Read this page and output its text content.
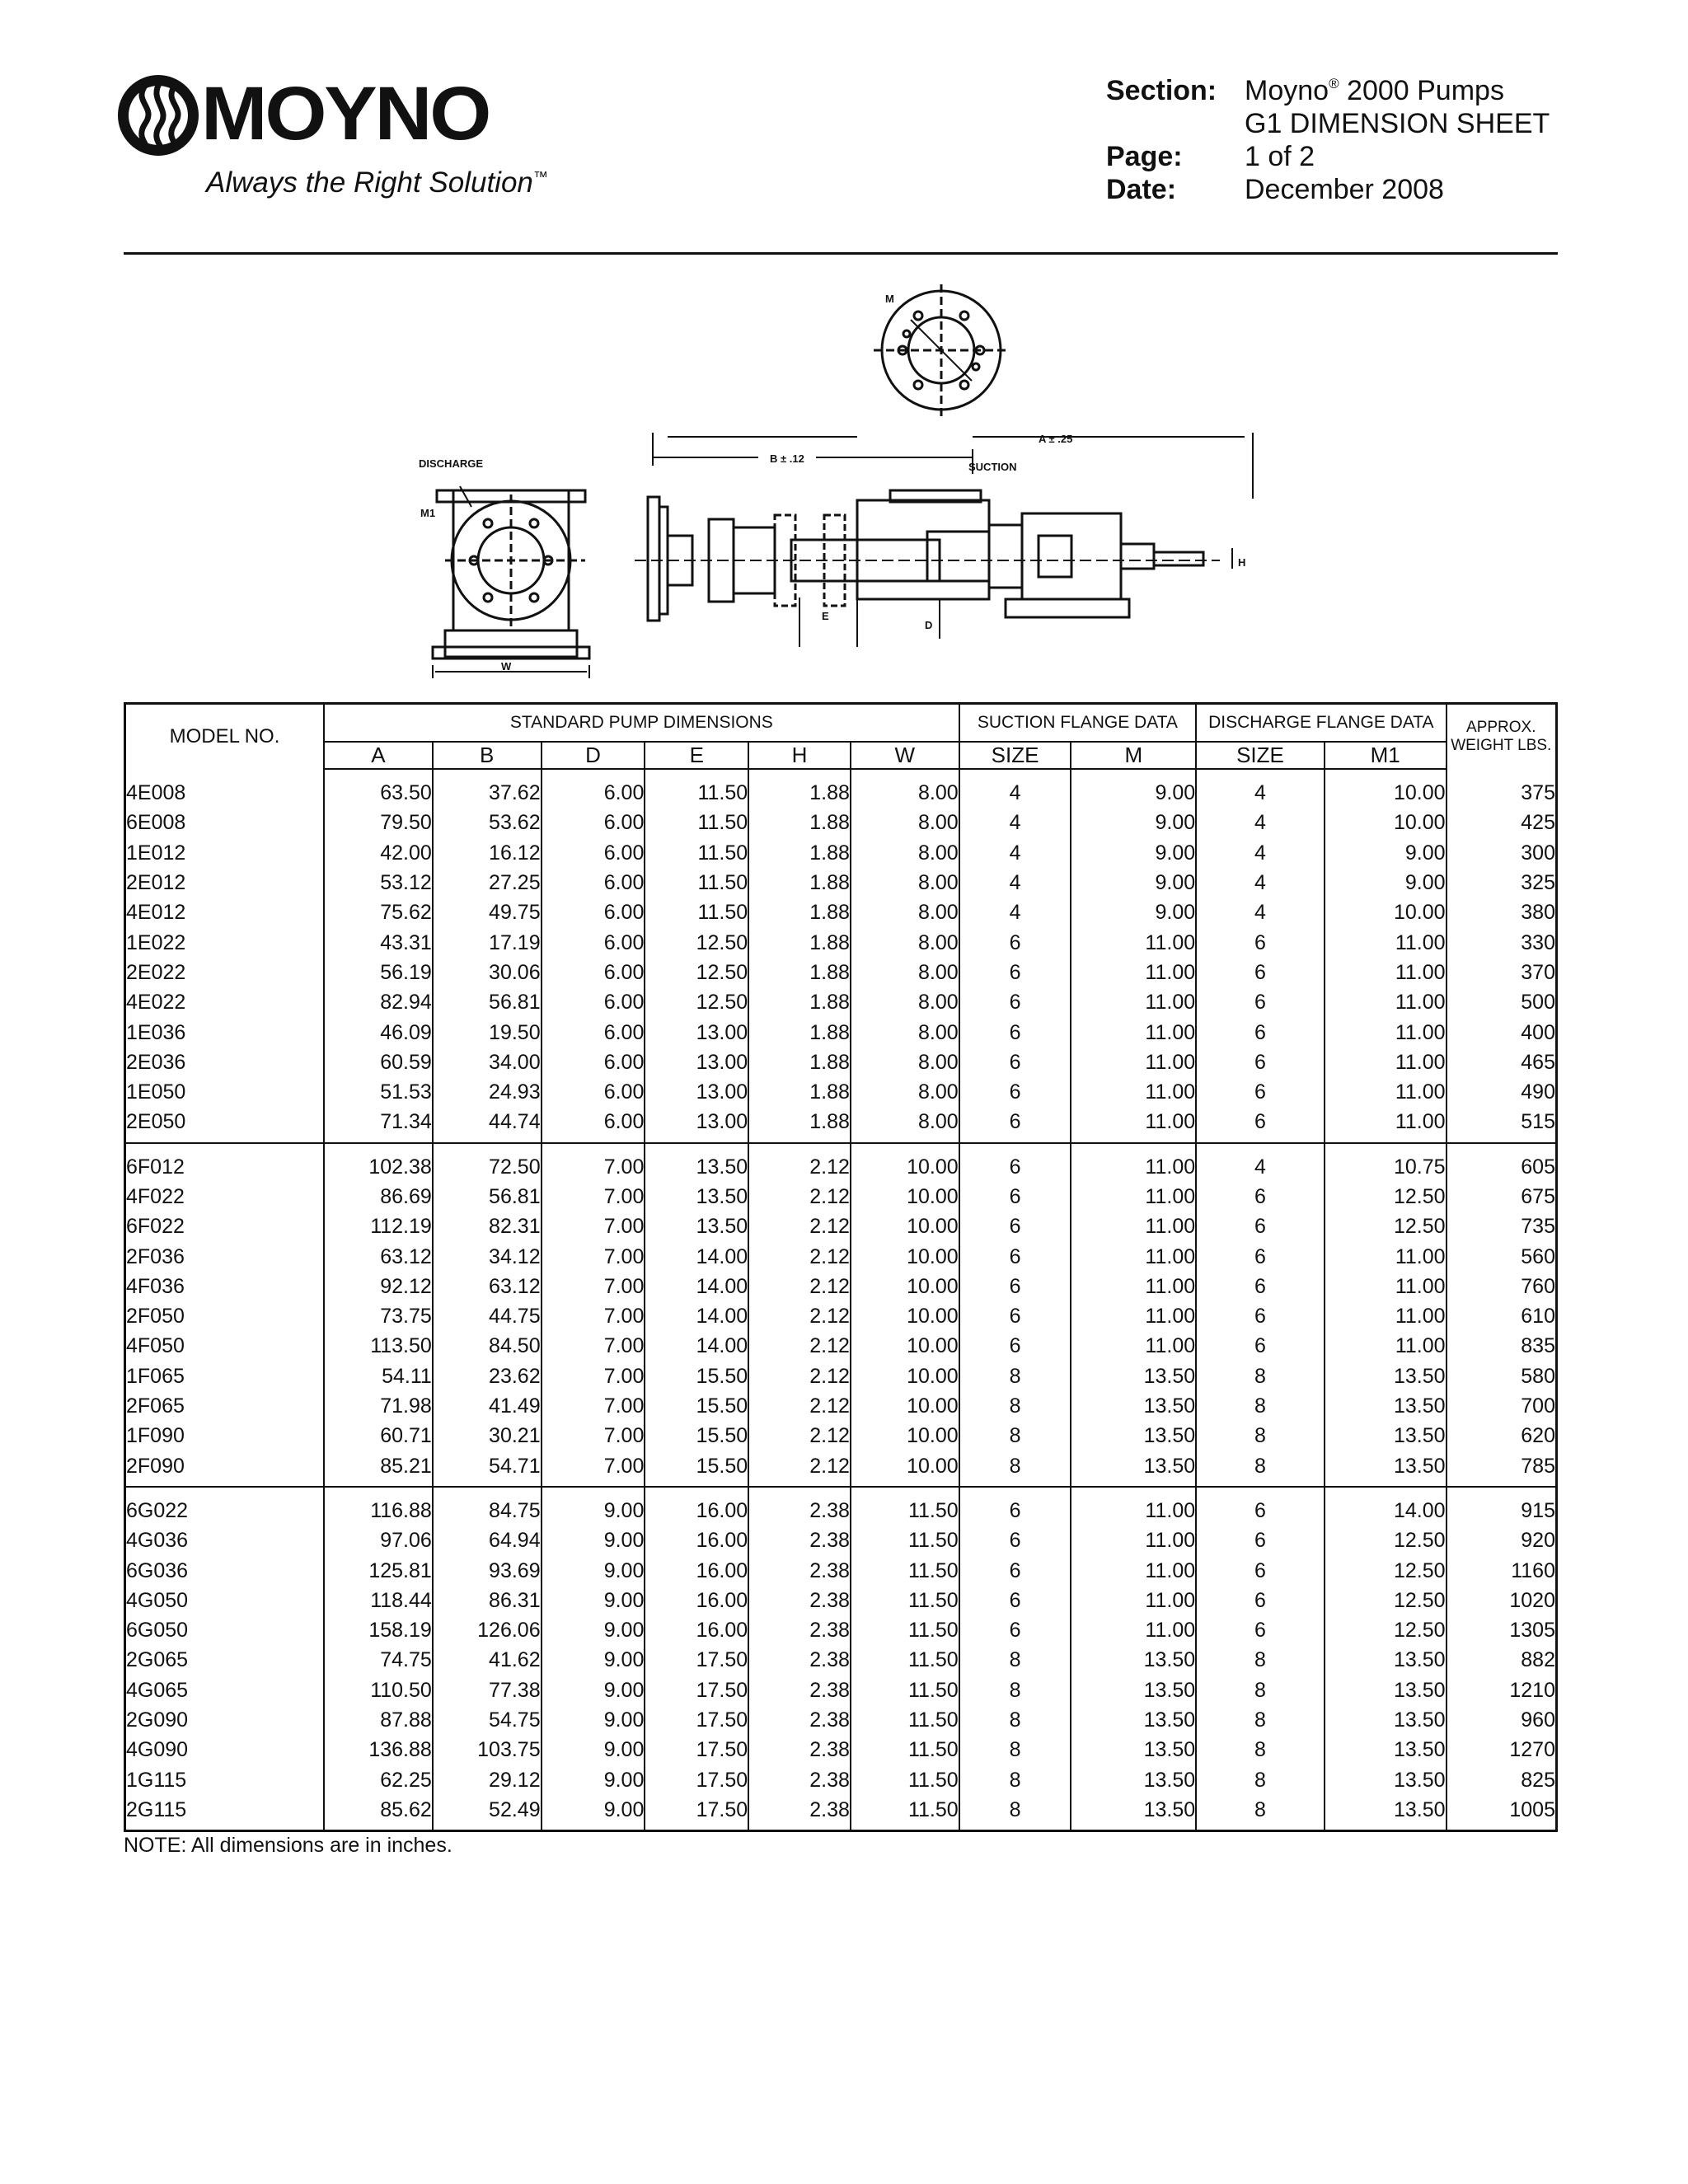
MOYNO
Always the Right Solution™
Section: Moyno® 2000 Pumps
G1 DIMENSION SHEET
Page:	1 of 2
Date:	December 2008
M
DISCHARGE
M1
W
A ± .25
B ± .12
SUCTION
H
E
D
MODEL NO.	STANDARD PUMP DIMENSIONS						SUCTION FLANGE DATA		DISCHARGE FLANGE DATA		APPROX. WEIGHT LBS.
	A	B	D	E	H	W	SIZE	M	SIZE	M1	
4E008	63.50	37.62	6.00	11.50	1.88	8.00	4	9.00	4	10.00	375
6E008	79.50	53.62	6.00	11.50	1.88	8.00	4	9.00	4	10.00	425
1E012	42.00	16.12	6.00	11.50	1.88	8.00	4	9.00	4	9.00	300
2E012	53.12	27.25	6.00	11.50	1.88	8.00	4	9.00	4	9.00	325
4E012	75.62	49.75	6.00	11.50	1.88	8.00	4	9.00	4	10.00	380
1E022	43.31	17.19	6.00	12.50	1.88	8.00	6	11.00	6	11.00	330
2E022	56.19	30.06	6.00	12.50	1.88	8.00	6	11.00	6	11.00	370
4E022	82.94	56.81	6.00	12.50	1.88	8.00	6	11.00	6	11.00	500
1E036	46.09	19.50	6.00	13.00	1.88	8.00	6	11.00	6	11.00	400
2E036	60.59	34.00	6.00	13.00	1.88	8.00	6	11.00	6	11.00	465
1E050	51.53	24.93	6.00	13.00	1.88	8.00	6	11.00	6	11.00	490
2E050	71.34	44.74	6.00	13.00	1.88	8.00	6	11.00	6	11.00	515
6F012	102.38	72.50	7.00	13.50	2.12	10.00	6	11.00	4	10.75	605
4F022	86.69	56.81	7.00	13.50	2.12	10.00	6	11.00	6	12.50	675
6F022	112.19	82.31	7.00	13.50	2.12	10.00	6	11.00	6	12.50	735
2F036	63.12	34.12	7.00	14.00	2.12	10.00	6	11.00	6	11.00	560
4F036	92.12	63.12	7.00	14.00	2.12	10.00	6	11.00	6	11.00	760
2F050	73.75	44.75	7.00	14.00	2.12	10.00	6	11.00	6	11.00	610
4F050	113.50	84.50	7.00	14.00	2.12	10.00	6	11.00	6	11.00	835
1F065	54.11	23.62	7.00	15.50	2.12	10.00	8	13.50	8	13.50	580
2F065	71.98	41.49	7.00	15.50	2.12	10.00	8	13.50	8	13.50	700
1F090	60.71	30.21	7.00	15.50	2.12	10.00	8	13.50	8	13.50	620
2F090	85.21	54.71	7.00	15.50	2.12	10.00	8	13.50	8	13.50	785
6G022	116.88	84.75	9.00	16.00	2.38	11.50	6	11.00	6	14.00	915
4G036	97.06	64.94	9.00	16.00	2.38	11.50	6	11.00	6	12.50	920
6G036	125.81	93.69	9.00	16.00	2.38	11.50	6	11.00	6	12.50	1160
4G050	118.44	86.31	9.00	16.00	2.38	11.50	6	11.00	6	12.50	1020
6G050	158.19	126.06	9.00	16.00	2.38	11.50	6	11.00	6	12.50	1305
2G065	74.75	41.62	9.00	17.50	2.38	11.50	8	13.50	8	13.50	882
4G065	110.50	77.38	9.00	17.50	2.38	11.50	8	13.50	8	13.50	1210
2G090	87.88	54.75	9.00	17.50	2.38	11.50	8	13.50	8	13.50	960
4G090	136.88	103.75	9.00	17.50	2.38	11.50	8	13.50	8	13.50	1270
1G115	62.25	29.12	9.00	17.50	2.38	11.50	8	13.50	8	13.50	825
2G115	85.62	52.49	9.00	17.50	2.38	11.50	8	13.50	8	13.50	1005
NOTE: All dimensions are in inches.
